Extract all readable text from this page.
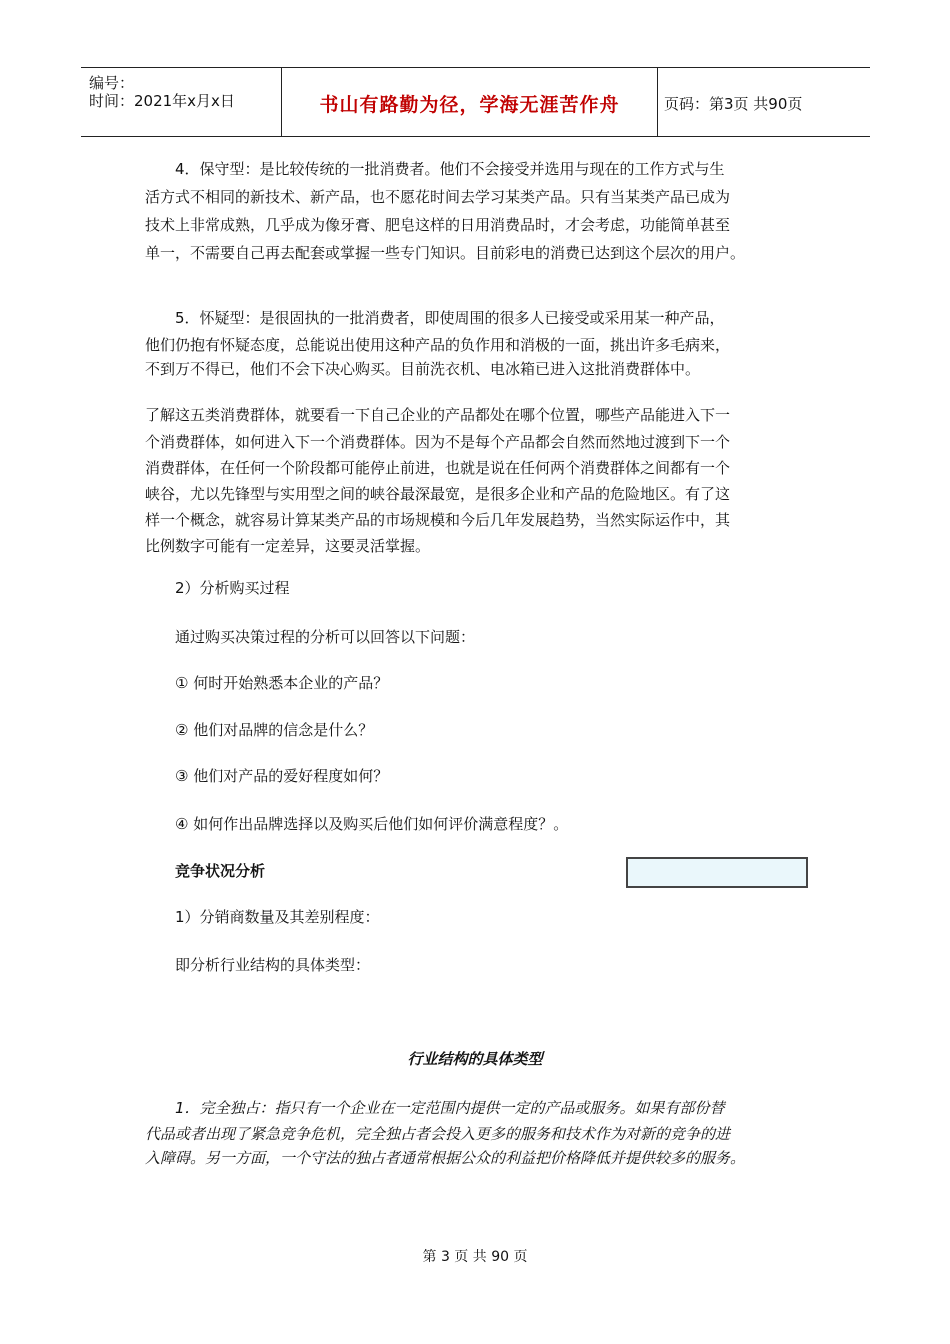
编号：
时间：2021年x月x日	书山有路勤为径，学海无涯苦作舟	页码：第3页 共90页
4．保守型：是比较传统的一批消费者。他们不会接受并选用与现在的工作方式与生
活方式不相同的新技术、新产品，也不愿花时间去学习某类产品。只有当某类产品已成为
技术上非常成熟，几乎成为像牙膏、肥皂这样的日用消费品时，才会考虑，功能简单甚至
单一，不需要自己再去配套或掌握一些专门知识。目前彩电的消费已达到这个层次的用户。
5．怀疑型：是很固执的一批消费者，即使周围的很多人已接受或采用某一种产品，
他们仍抱有怀疑态度，总能说出使用这种产品的负作用和消极的一面，挑出许多毛病来，
不到万不得已，他们不会下决心购买。目前洗衣机、电冰箱已进入这批消费群体中。
了解这五类消费群体，就要看一下自己企业的产品都处在哪个位置，哪些产品能进入下一
个消费群体，如何进入下一个消费群体。因为不是每个产品都会自然而然地过渡到下一个
消费群体，在任何一个阶段都可能停止前进，也就是说在任何两个消费群体之间都有一个
峡谷，尤以先锋型与实用型之间的峡谷最深最宽，是很多企业和产品的危险地区。有了这
样一个概念，就容易计算某类产品的市场规模和今后几年发展趋势，当然实际运作中，其
比例数字可能有一定差异，这要灵活掌握。
2）分析购买过程
通过购买决策过程的分析可以回答以下问题：
① 何时开始熟悉本企业的产品？
② 他们对品牌的信念是什么？
③ 他们对产品的爱好程度如何？
④ 如何作出品牌选择以及购买后他们如何评价满意程度？。
竞争状况分析
1）分销商数量及其差别程度：
即分析行业结构的具体类型：
行业结构的具体类型
1．完全独占：指只有一个企业在一定范围内提供一定的产品或服务。如果有部份替
代品或者出现了紧急竞争危机，完全独占者会投入更多的服务和技术作为对新的竞争的进
入障碍。另一方面，一个守法的独占者通常根据公众的利益把价格降低并提供较多的服务。
第 3 页 共 90 页
